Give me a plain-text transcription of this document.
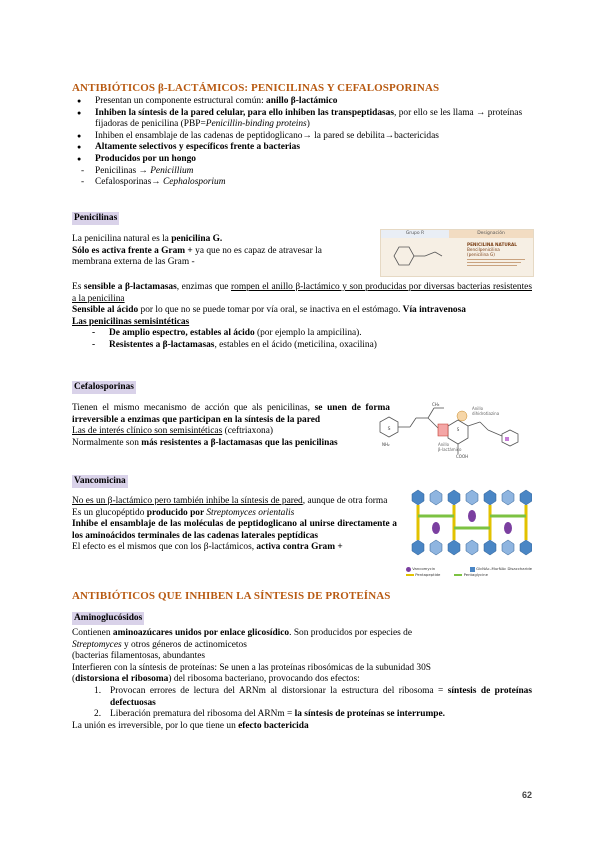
ANTIBIÓTICOS β-LACTÁMICOS: PENICILINAS Y CEFALOSPORINAS
● Presentan un componente estructural común: anillo β-lactámico
● Inhiben la síntesis de la pared celular, para ello inhiben las transpeptidasas, por ello se les llama → proteínas fijadoras de penicilina (PBP=Penicillin-binding proteins)
● Inhiben el ensamblaje de las cadenas de peptidoglicano→ la pared se debilita→bactericidas
● Altamente selectivos y específicos frente a bacterias
● Producidos por un hongo
- Penicilinas → Penicillium
- Cefalosporinas→ Cephalosporium
Penicilinas
La penicilina natural es la penicilina G.
Sólo es activa frente a Gram + ya que no es capaz de atravesar la
membrana externa de las Gram -
Grupo R	Designación
PENICILINA NATURAL
Bencilpenicilina
(penicilina G)
Es sensible a β-lactamasas, enzimas que rompen el anillo β-lactámico y son producidas por diversas bacterias resistentes a la penicilina
Sensible al ácido por lo que no se puede tomar por vía oral, se inactiva en el estómago. Vía intravenosa
Las penicilinas semisintéticas
- De amplio espectro, estables al ácido (por ejemplo la ampicilina).
- Resistentes a β-lactamasas, estables en el ácido (meticilina, oxacilina)
Cefalosporinas
Tienen el mismo mecanismo de acción que als penicilinas, se unen de forma irreversible a enzimas que participan en la síntesis de la pared
Las de interés clínico son semisintéticas (ceftriaxona)
Normalmente son más resistentes a β-lactamasas que las penicilinas
S
NH₂
CH₃
S
COOH
Anillo
dihidrotiazina
Anillo
β-lactámico
Vancomicina
No es un β-lactámico pero también inhibe la síntesis de pared, aunque de otra forma
Es un glucopéptido producido por Streptomyces orientalis
Inhibe el ensamblaje de las moléculas de peptidoglicano al unirse directamente a los aminoácidos terminales de las cadenas laterales peptídicas
El efecto es el mismos que con los β-lactámicos, activa contra Gram +
Vancomycin	GlcNAc–MurNAc Disaccharide
Pentapeptide	Pentaglycine
ANTIBIÓTICOS QUE INHIBEN LA SÍNTESIS DE PROTEÍNAS
Aminoglucósidos
Contienen aminoazúcares unidos por enlace glicosídico. Son producidos por especies de
Streptomyces y otros géneros de actinomicetos
(bacterias filamentosas, abundantes
Interfieren con la síntesis de proteínas: Se unen a las proteínas ribosómicas de la subunidad 30S
(distorsiona el ribosoma) del ribosoma bacteriano, provocando dos efectos:
1. Provocan errores de lectura del ARNm al distorsionar la estructura del ribosoma = síntesis de proteínas defectuosas
2. Liberación prematura del ribosoma del ARNm = la síntesis de proteínas se interrumpe.
La unión es irreversible, por lo que tiene un efecto bactericida
62
